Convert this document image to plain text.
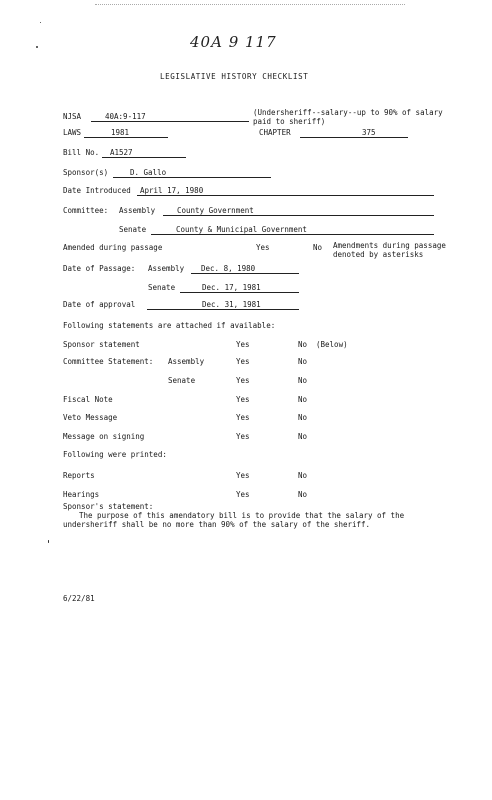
40A 9 117
LEGISLATIVE HISTORY CHECKLIST
NJSA	40A:9-117	(Undersheriff--salary--up to 90% of salary paid to sheriff)
LAWS	1981	CHAPTER	375
Bill No.	A1527
Sponsor(s)	D. Gallo
Date Introduced	April 17, 1980
Committee: Assembly	County Government
Senate	County & Municipal Government
Amended during passage	Yes	No Amendments during passage denoted by asterisks
Date of Passage: Assembly	Dec. 8, 1980
Senate	Dec. 17, 1981
Date of approval	Dec. 31, 1981
Following statements are attached if available:
Sponsor statement	Yes	No (Below)
Committee Statement: Assembly	Yes	No
Senate	Yes	No
Fiscal Note	Yes	No
Veto Message	Yes	No
Message on signing	Yes	No
Following were printed:
Reports	Yes	No
Hearings	Yes	No
Sponsor's statement:
The purpose of this amendatory bill is to provide that the salary of the undersheriff shall be no more than 90% of the salary of the sheriff.
6/22/81
